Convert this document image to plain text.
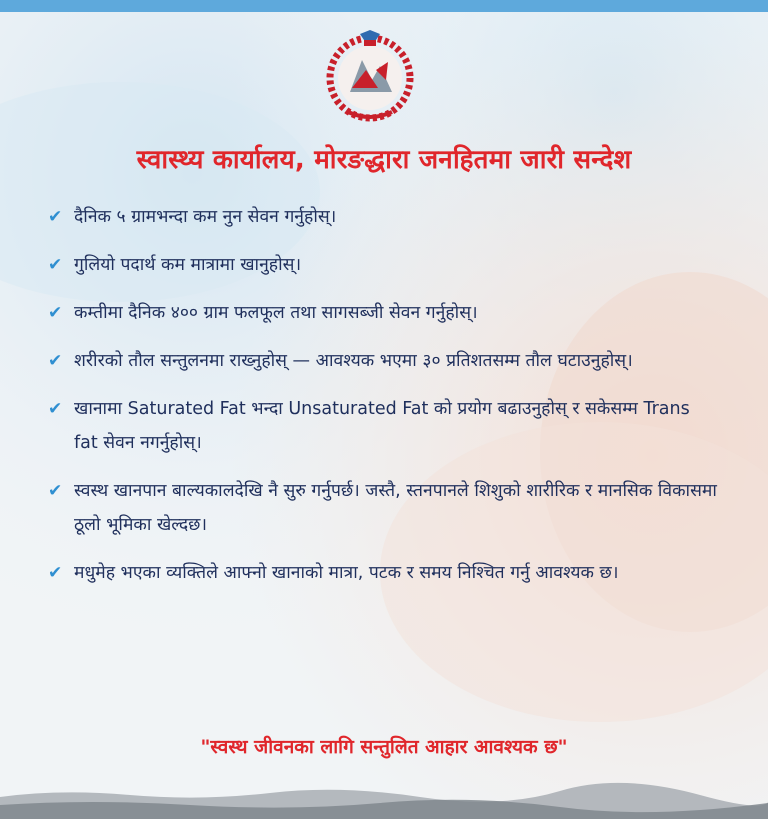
स्वास्थ्य कार्यालय, मोरङद्धारा जनहितमा जारी सन्देश
✔ दैनिक ५ ग्रामभन्दा कम नुन सेवन गर्नुहोस्।
✔ गुलियो पदार्थ कम मात्रामा खानुहोस्।
✔ कम्तीमा दैनिक ४०० ग्राम फलफूल तथा सागसब्जी सेवन गर्नुहोस्।
✔ शरीरको तौल सन्तुलनमा राख्नुहोस् — आवश्यक भएमा ३० प्रतिशतसम्म तौल घटाउनुहोस्।
✔ खानामा Saturated Fat भन्दा Unsaturated Fat को प्रयोग बढाउनुहोस् र सकेसम्म Trans fat सेवन नगर्नुहोस्।
✔ स्वस्थ खानपान बाल्यकालदेखि नै सुरु गर्नुपर्छ। जस्तै, स्तनपानले शिशुको शारीरिक र मानसिक विकासमा ठूलो भूमिका खेल्दछ।
✔ मधुमेह भएका व्यक्तिले आफ्नो खानाको मात्रा, पटक र समय निश्चित गर्नु आवश्यक छ।
"स्वस्थ जीवनका लागि सन्तुलित आहार आवश्यक छ"
